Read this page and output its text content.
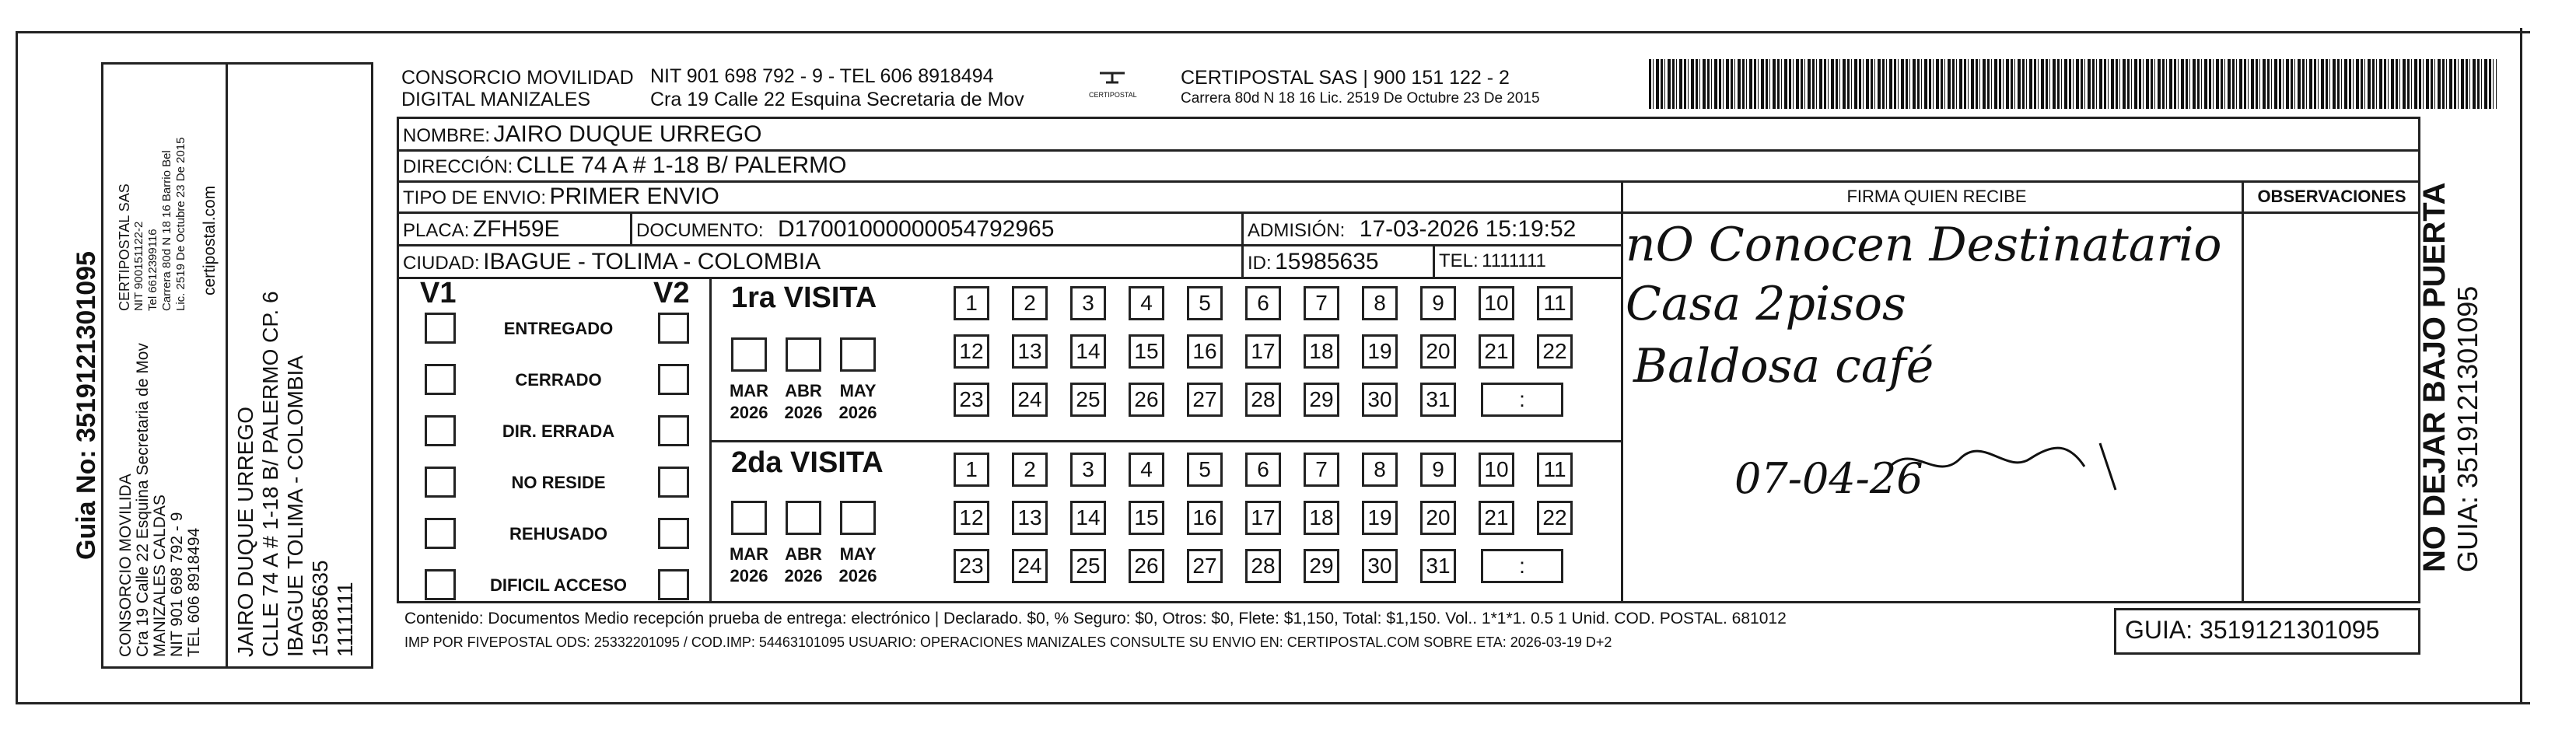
Guia No: 3519121301095
CONSORCIO MOVILIDA Cra 19 Calle 22 Esquina Secretaria de Mov MANIZALES CALDAS NIT 901 698 792 - 9 TEL 606 8918494
CERTIPOSTAL SAS NIT 900151122-2 Tel 6612399116 Carrera 80d N 18 16 Barrio Bel Lic. 2519 De Octubre 23 De 2015 certipostal.com
JAIRO DUQUE URREGO CLLE 74 A # 1-18 B/ PALERMO CP. 6 IBAGUE TOLIMA - COLOMBIA 15985635 1111111
CONSORCIO MOVILIDAD
DIGITAL MANIZALES
NIT 901 698 792 - 9 - TEL 606 8918494
Cra 19 Calle 22 Esquina Secretaria de Mov	CERTIPOSTAL
CERTIPOSTAL SAS | 900 151 122 - 2
Carrera 80d N 18 16 Lic. 2519 De Octubre 23 De 2015
NOMBRE: JAIRO DUQUE URREGO
DIRECCIÓN: CLLE 74 A # 1-18 B/ PALERMO
TIPO DE ENVIO: PRIMER ENVIO
PLACA: ZFH59E	DOCUMENTO: D17001000000054792965	ADMISIÓN: 17-03-2026 15:19:52
CIUDAD: IBAGUE - TOLIMA - COLOMBIA	ID: 15985635	TEL: 1111111
FIRMA QUIEN RECIBE	OBSERVACIONES
V1	V2
ENTREGADO
CERRADO
DIR. ERRADA
NO RESIDE
REHUSADO
DIFICIL ACCESO
1ra VISITA
2da VISITA
MAR
2026
ABR
2026
MAY
2026
MAR
2026
ABR
2026
MAY
2026
1	2	3	4	5	6	7	8	9	10	11
12 13 14 15 16 17 18 19 20 21 22
23 24 25 26 27 28 29 30 31	:
1	2	3	4	5	6	7	8	9	10	11
12 13 14 15 16 17 18 19 20 21 22
23 24 25 26 27 28 29 30 31	:
nO Conocen Destinatario
Casa 2pisos
Baldosa café
07-04-26
Contenido: Documentos Medio recepción prueba de entrega: electrónico | Declarado. $0, % Seguro: $0, Otros: $0, Flete: $1,150, Total: $1,150. Vol.. 1*1*1. 0.5 1 Unid. COD. POSTAL. 681012
IMP POR FIVEPOSTAL ODS: 25332201095 / COD.IMP: 54463101095 USUARIO: OPERACIONES MANIZALES CONSULTE SU ENVIO EN: CERTIPOSTAL.COM SOBRE ETA: 2026-03-19 D+2	GUIA: 3519121301095
NO DEJAR BAJO PUERTA GUIA: 3519121301095
